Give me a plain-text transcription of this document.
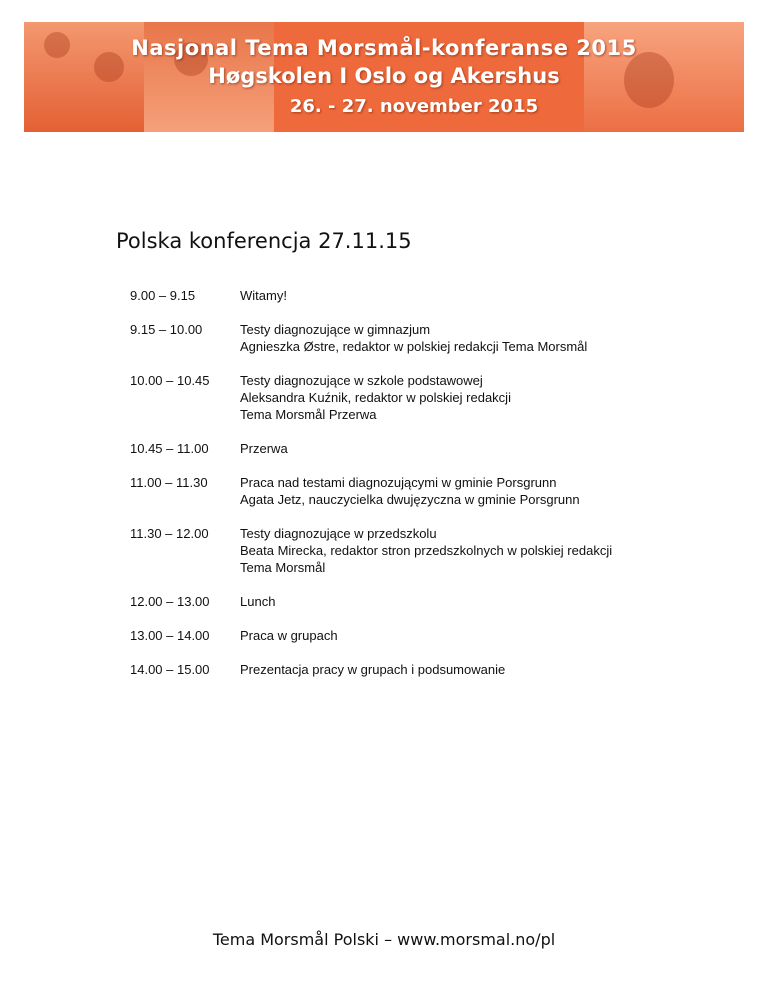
Nasjonal Tema Morsmål-konferanse 2015
Høgskolen I Oslo og Akershus
26. - 27. november 2015
Polska konferencja 27.11.15
9.00 – 9.15	Witamy!

9.15 – 10.00	Testy diagnozujące w gimnazjum
Agnieszka Østre, redaktor w polskiej redakcji Tema Morsmål

10.00 – 10.45	Testy diagnozujące w szkole podstawowej
Aleksandra Kuźnik, redaktor w polskiej redakcji
Tema Morsmål Przerwa

10.45 – 11.00	Przerwa

11.00 – 11.30	Praca nad testami diagnozującymi w gminie Porsgrunn
Agata Jetz, nauczycielka dwujęzyczna w gminie Porsgrunn

11.30 – 12.00	Testy diagnozujące w przedszkolu
Beata Mirecka, redaktor stron przedszkolnych w polskiej redakcji
Tema Morsmål

12.00 – 13.00	Lunch

13.00 – 14.00	Praca w grupach

14.00 – 15.00	Prezentacja pracy w grupach i podsumowanie
Tema Morsmål Polski – www.morsmal.no/pl
